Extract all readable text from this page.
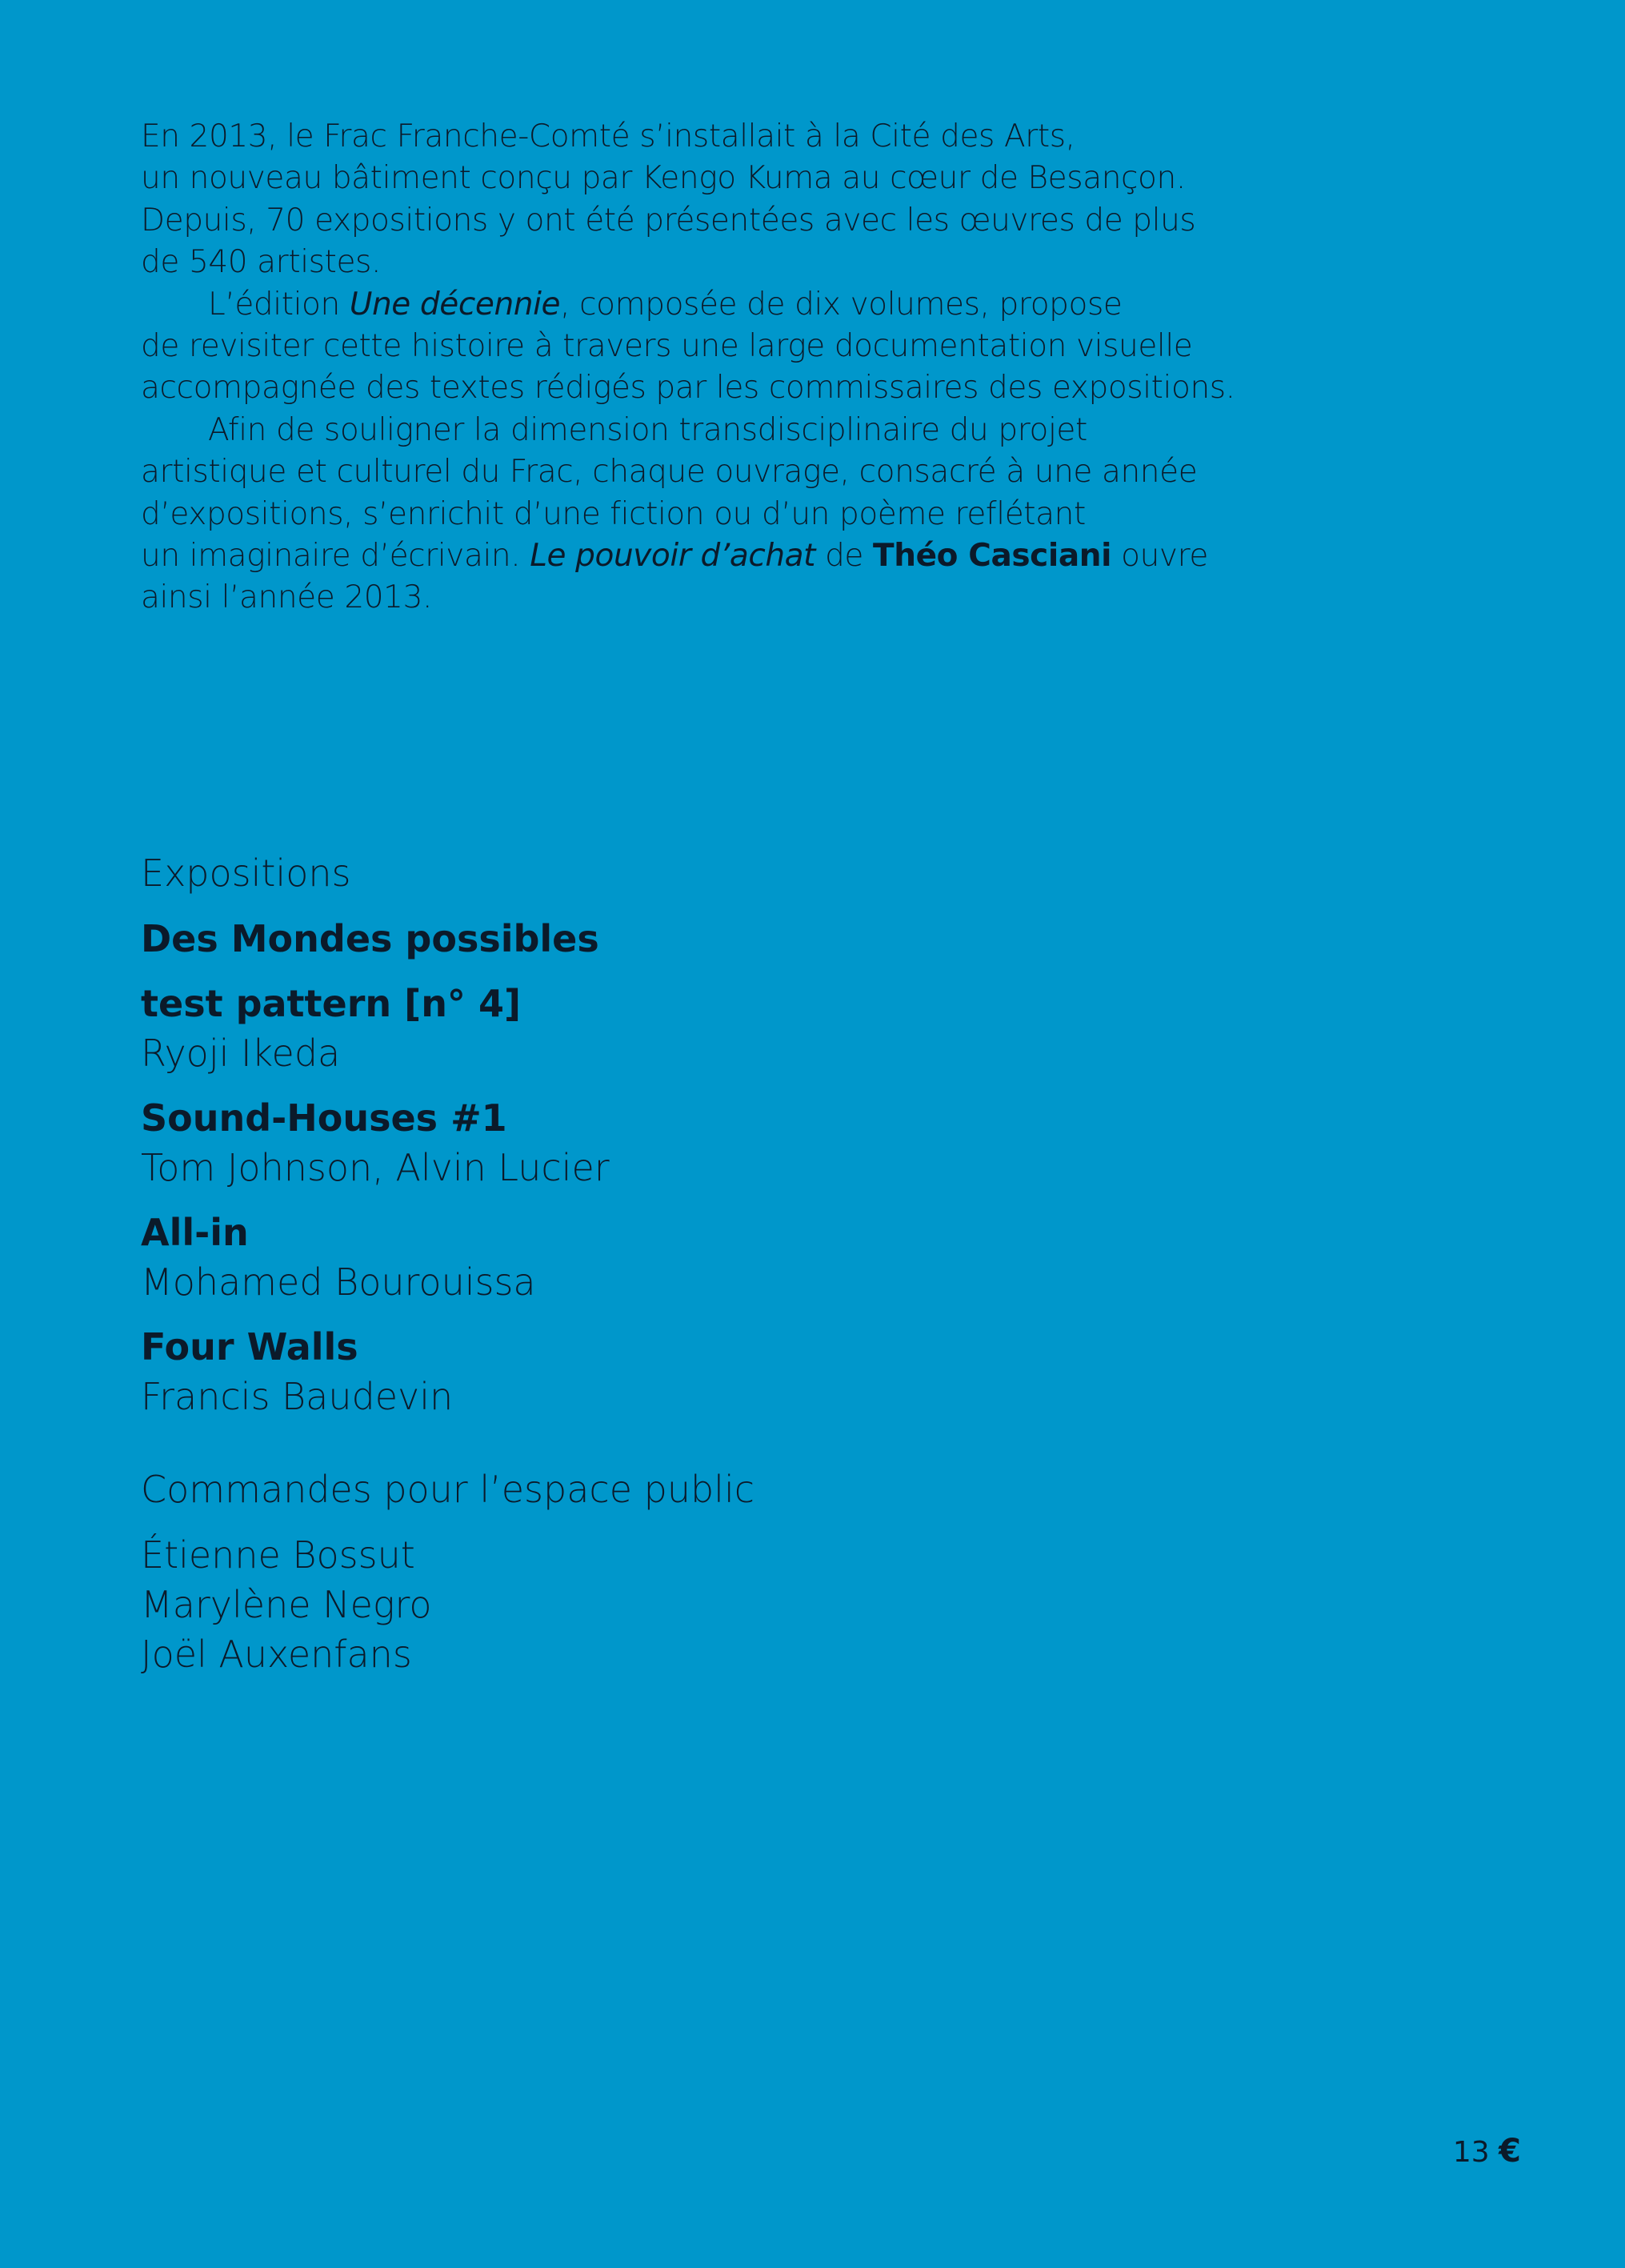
En 2013, le Frac Franche-Comté s’installait à la Cité des Arts,
un nouveau bâtiment conçu par Kengo Kuma au cœur de Besançon.
Depuis, 70 expositions y ont été présentées avec les œuvres de plus
de 540 artistes.

L’édition Une décennie, composée de dix volumes, propose
de revisiter cette histoire à travers une large documentation visuelle
accompagnée des textes rédigés par les commissaires des expositions.

Afin de souligner la dimension transdisciplinaire du projet
artistique et culturel du Frac, chaque ouvrage, consacré à une année
d’expositions, s’enrichit d’une fiction ou d’un poème reflétant
un imaginaire d’écrivain. Le pouvoir d’achat de Théo Casciani ouvre
ainsi l’année 2013.

Expositions
Des Mondes possibles
test pattern [n° 4]
Ryoji Ikeda
Sound-Houses #1
Tom Johnson, Alvin Lucier
All-in
Mohamed Bourouissa
Four Walls
Francis Baudevin
Commandes pour l’espace public
Étienne Bossut
Marylène Negro
Joël Auxenfans
13 €
